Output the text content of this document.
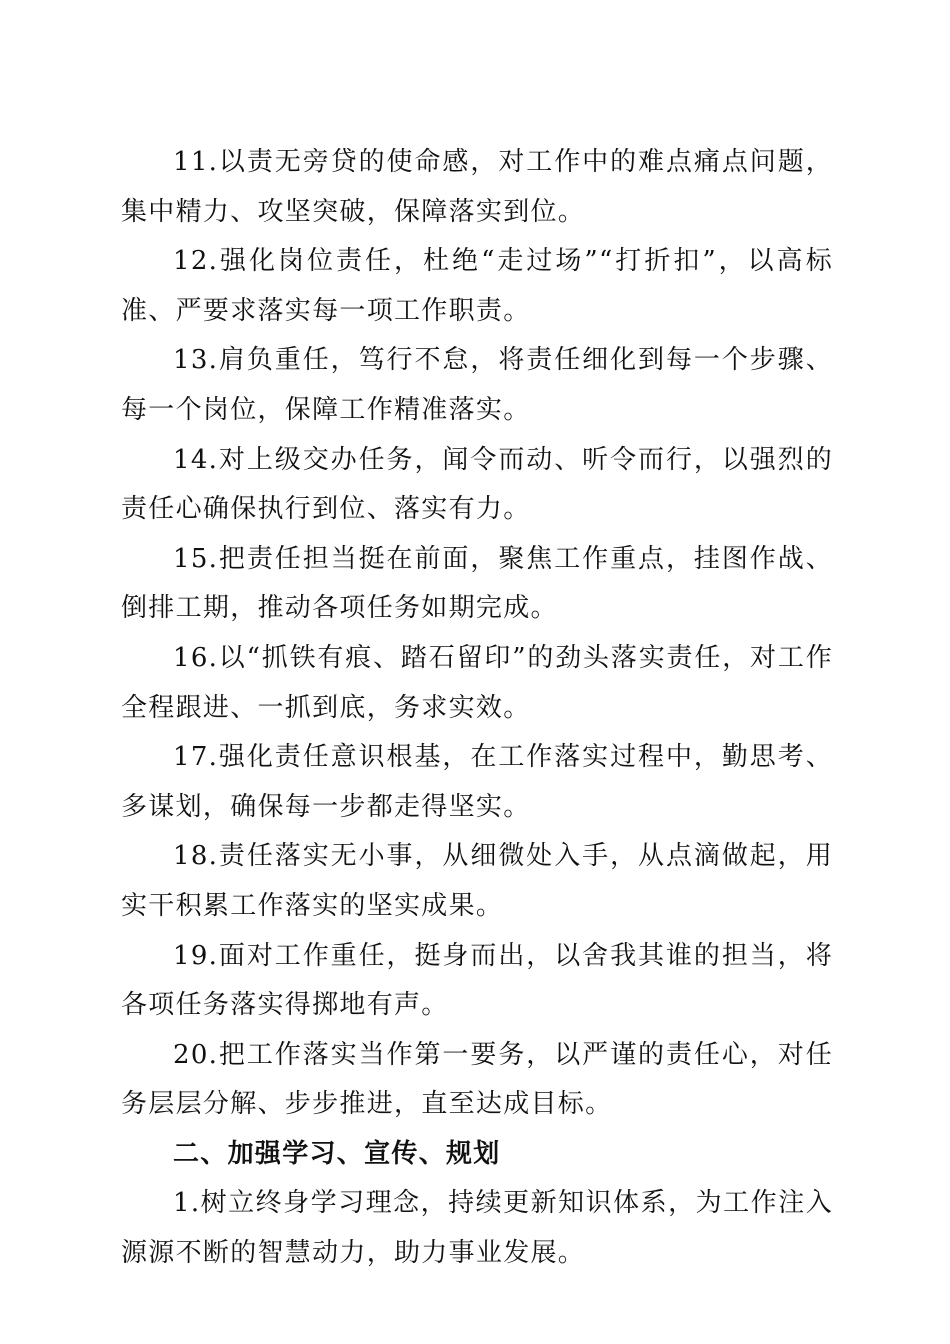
11.以责无旁贷的使命感，对工作中的难点痛点问题，集中精力、攻坚突破，保障落实到位。

12.强化岗位责任，杜绝“走过场”“打折扣”，以高标准、严要求落实每一项工作职责。

13.肩负重任，笃行不怠，将责任细化到每一个步骤、每一个岗位，保障工作精准落实。

14.对上级交办任务，闻令而动、听令而行，以强烈的责任心确保执行到位、落实有力。

15.把责任担当挺在前面，聚焦工作重点，挂图作战、倒排工期，推动各项任务如期完成。

16.以“抓铁有痕、踏石留印”的劲头落实责任，对工作全程跟进、一抓到底，务求实效。

17.强化责任意识根基，在工作落实过程中，勤思考、多谋划，确保每一步都走得坚实。

18.责任落实无小事，从细微处入手，从点滴做起，用实干积累工作落实的坚实成果。

19.面对工作重任，挺身而出，以舍我其谁的担当，将各项任务落实得掷地有声。

20.把工作落实当作第一要务，以严谨的责任心，对任务层层分解、步步推进，直至达成目标。

二、加强学习、宣传、规划

1.树立终身学习理念，持续更新知识体系，为工作注入源源不断的智慧动力，助力事业发展。
